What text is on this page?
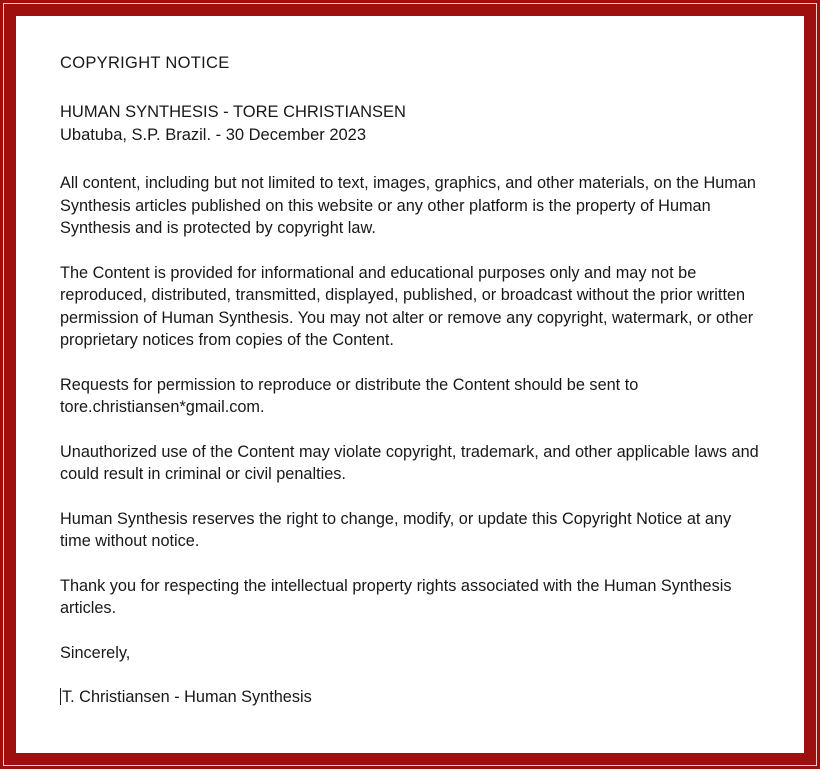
COPYRIGHT NOTICE
HUMAN SYNTHESIS - TORE CHRISTIANSEN
Ubatuba, S.P. Brazil. - 30 December 2023

All content, including but not limited to text, images, graphics, and other materials, on the Human Synthesis articles published on this website or any other platform is the property of Human Synthesis and is protected by copyright law.

The Content is provided for informational and educational purposes only and may not be reproduced, distributed, transmitted, displayed, published, or broadcast without the prior written permission of Human Synthesis. You may not alter or remove any copyright, watermark, or other proprietary notices from copies of the Content.

Requests for permission to reproduce or distribute the Content should be sent to tore.christiansen*gmail.com.

Unauthorized use of the Content may violate copyright, trademark, and other applicable laws and could result in criminal or civil penalties.

Human Synthesis reserves the right to change, modify, or update this Copyright Notice at any time without notice.

Thank you for respecting the intellectual property rights associated with the Human Synthesis articles.

Sincerely,

T. Christiansen - Human Synthesis
